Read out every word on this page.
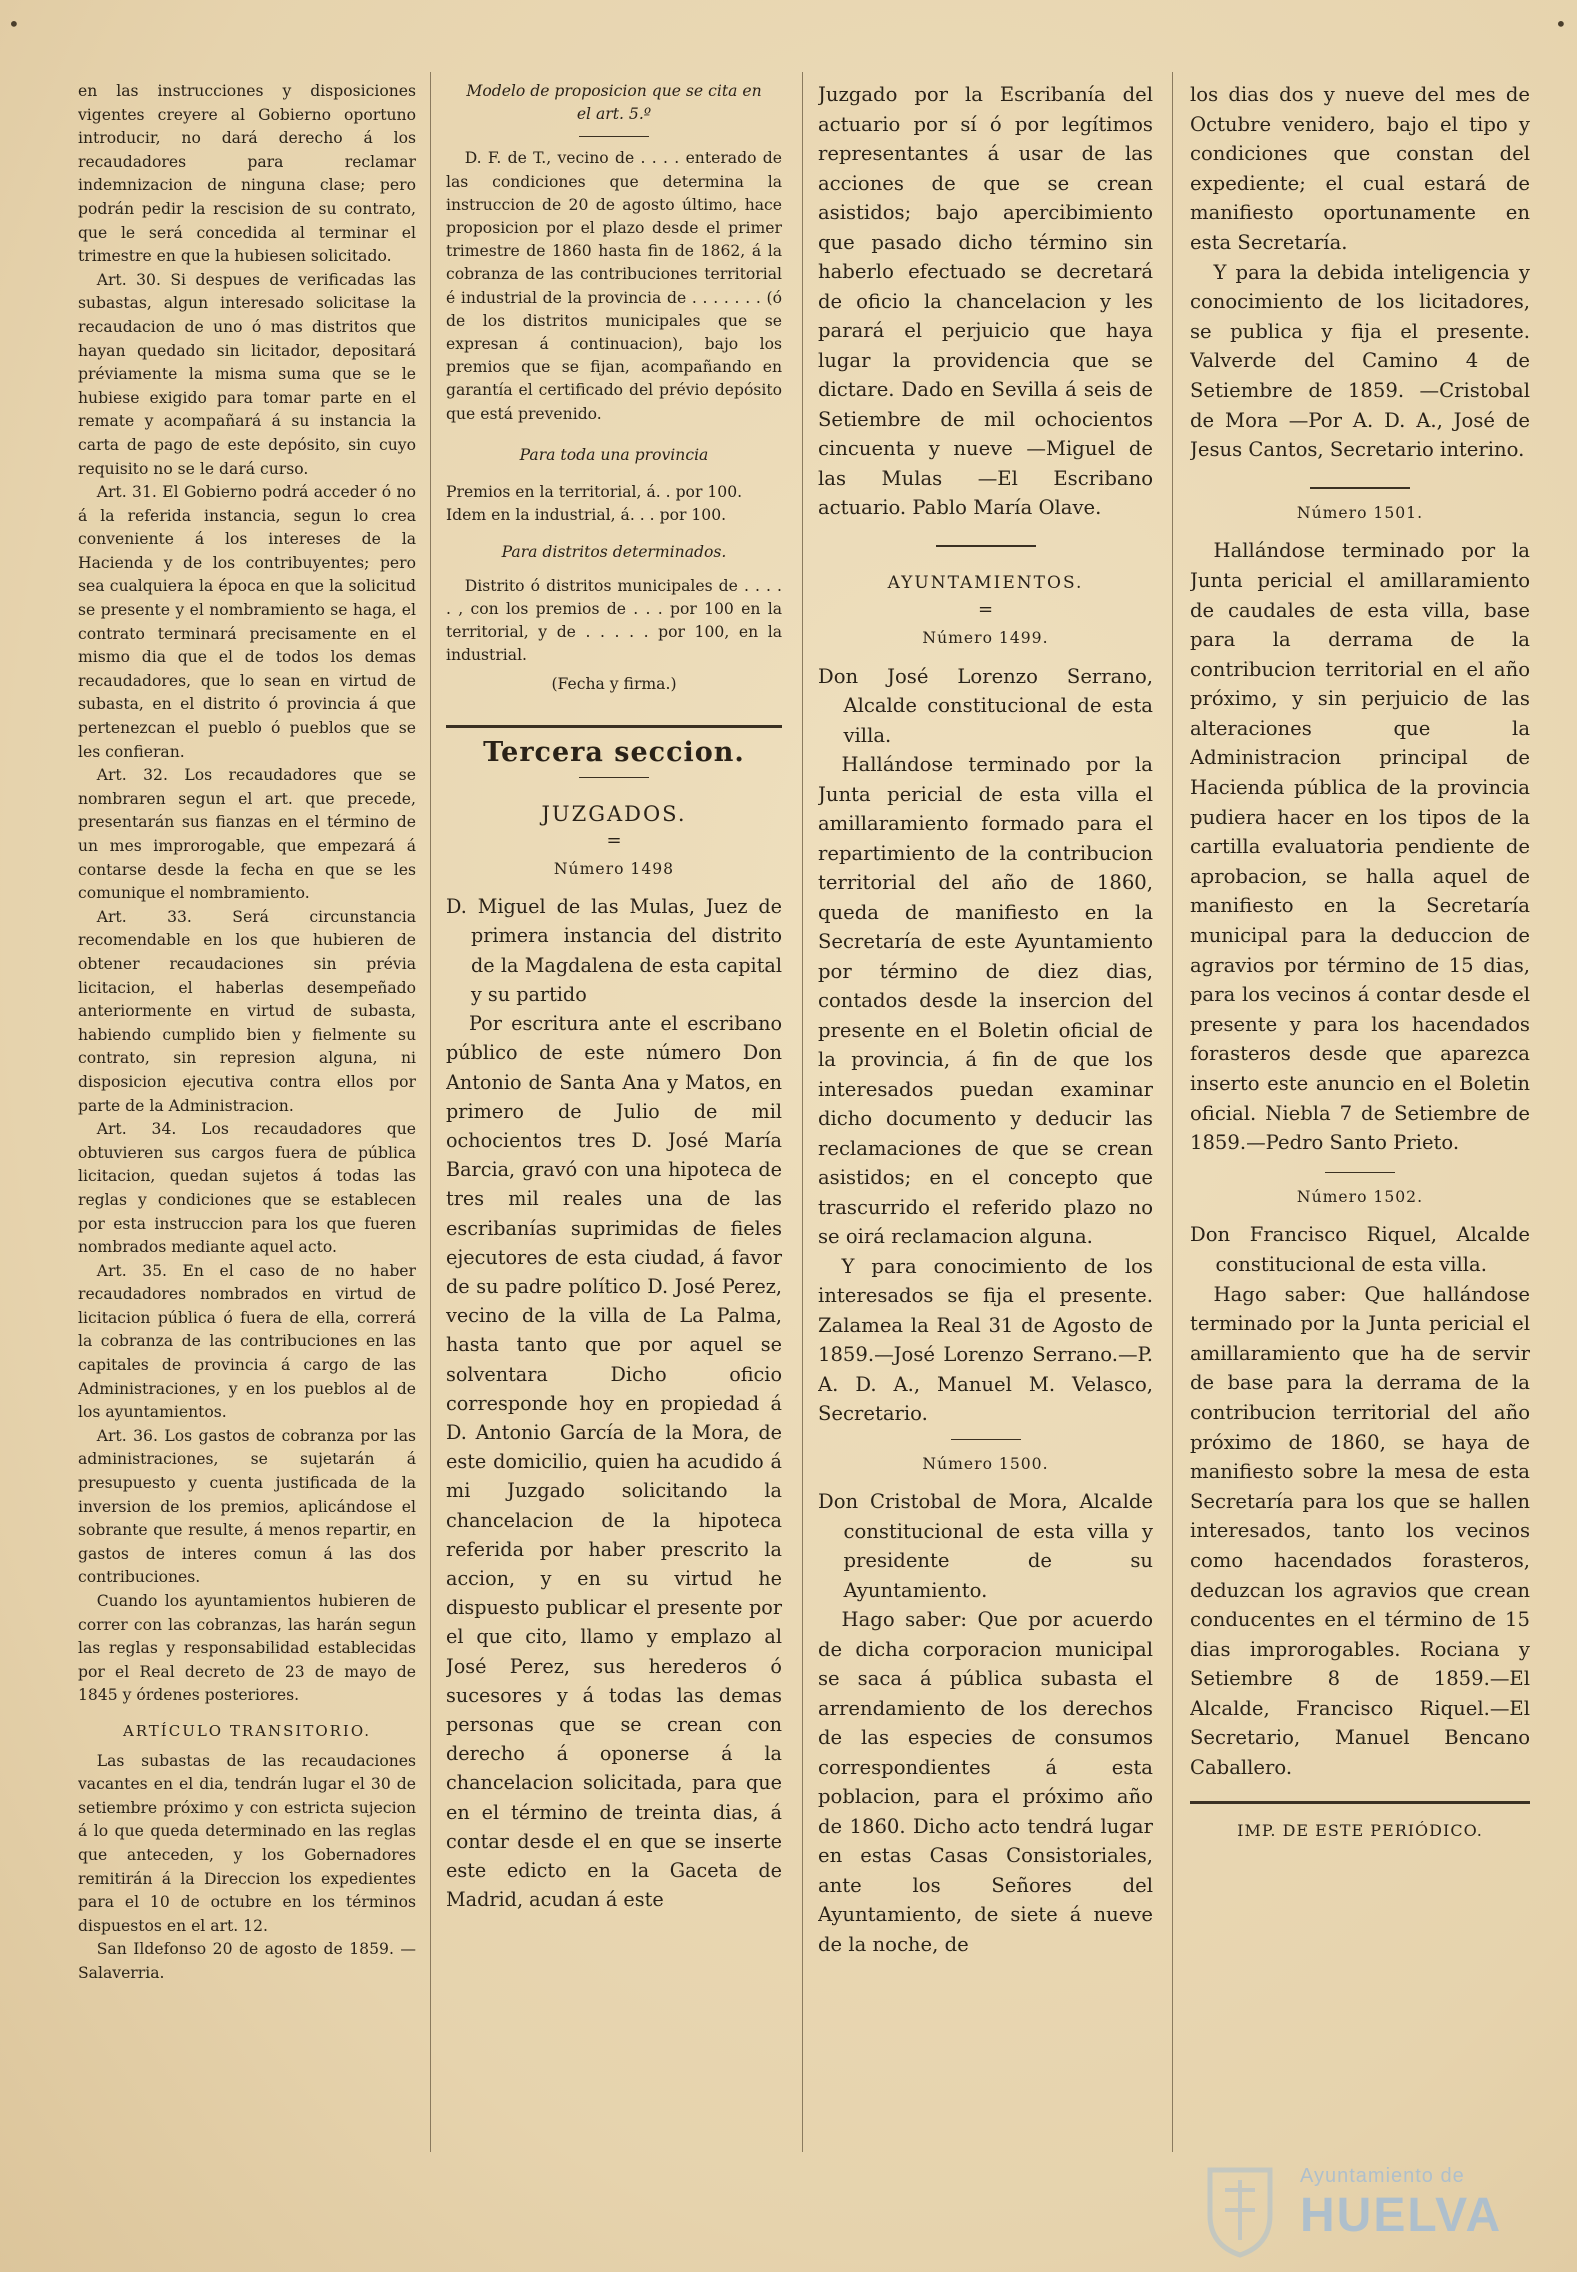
•	•

en las instrucciones y disposiciones vigentes creyere al Gobierno oportuno introducir, no dará derecho á los recaudadores para reclamar indemnizacion de ninguna clase; pero podrán pedir la rescision de su contrato, que le será concedida al terminar el trimestre en que la hubiesen solicitado.

Art. 30. Si despues de verificadas las subastas, algun interesado solicitase la recaudacion de uno ó mas distritos que hayan quedado sin licitador, depositará préviamente la misma suma que se le hubiese exigido para tomar parte en el remate y acompañará á su instancia la carta de pago de este depósito, sin cuyo requisito no se le dará curso.

Art. 31. El Gobierno podrá acceder ó no á la referida instancia, segun lo crea conveniente á los intereses de la Hacienda y de los contribuyentes; pero sea cualquiera la época en que la solicitud se presente y el nombramiento se haga, el contrato terminará precisamente en el mismo dia que el de todos los demas recaudadores, que lo sean en virtud de subasta, en el distrito ó provincia á que pertenezcan el pueblo ó pueblos que se les confieran.

Art. 32. Los recaudadores que se nombraren segun el art. que precede, presentarán sus fianzas en el término de un mes improrogable, que empezará á contarse desde la fecha en que se les comunique el nombramiento.

Art. 33. Será circunstancia recomendable en los que hubieren de obtener recaudaciones sin prévia licitacion, el haberlas desempeñado anteriormente en virtud de subasta, habiendo cumplido bien y fielmente su contrato, sin represion alguna, ni disposicion ejecutiva contra ellos por parte de la Administracion.

Art. 34. Los recaudadores que obtuvieren sus cargos fuera de pública licitacion, quedan sujetos á todas las reglas y condiciones que se establecen por esta instruccion para los que fueren nombrados mediante aquel acto.

Art. 35. En el caso de no haber recaudadores nombrados en virtud de licitacion pública ó fuera de ella, correrá la cobranza de las contribuciones en las capitales de provincia á cargo de las Administraciones, y en los pueblos al de los ayuntamientos.

Art. 36. Los gastos de cobranza por las administraciones, se sujetarán á presupuesto y cuenta justificada de la inversion de los premios, aplicándose el sobrante que resulte, á menos repartir, en gastos de interes comun á las dos contribuciones.

Cuando los ayuntamientos hubieren de correr con las cobranzas, las harán segun las reglas y responsabilidad establecidas por el Real decreto de 23 de mayo de 1845 y órdenes posteriores.

ARTÍCULO TRANSITORIO.

Las subastas de las recaudaciones vacantes en el dia, tendrán lugar el 30 de setiembre próximo y con estricta sujecion á lo que queda determinado en las reglas que anteceden, y los Gobernadores remitirán á la Direccion los expedientes para el 10 de octubre en los términos dispuestos en el art. 12.

San Ildefonso 20 de agosto de 1859. —Salaverria.

Modelo de proposicion que se cita en el art. 5.º

D. F. de T., vecino de . . . . enterado de las condiciones que determina la instruccion de 20 de agosto último, hace proposicion por el plazo desde el primer trimestre de 1860 hasta fin de 1862, á la cobranza de las contribuciones territorial é industrial de la provincia de . . . . . . . (ó de los distritos municipales que se expresan á continuacion), bajo los premios que se fijan, acompañando en garantía el certificado del prévio depósito que está prevenido.

Para toda una provincia

Premios en la territorial, á. . por 100.

Idem en la industrial, á. . . por 100.

Para distritos determinados.

Distrito ó distritos municipales de . . . . . , con los premios de . . . por 100 en la territorial, y de . . . . . por 100, en la industrial.

(Fecha y firma.)
Tercera seccion.
JUZGADOS.
=
Número 1498

D. Miguel de las Mulas, Juez de primera instancia del distrito de la Magdalena de esta capital y su partido

Por escritura ante el escribano público de este número Don Antonio de Santa Ana y Matos, en primero de Julio de mil ochocientos tres D. José María Barcia, gravó con una hipoteca de tres mil reales una de las escribanías suprimidas de fieles ejecutores de esta ciudad, á favor de su padre político D. José Perez, vecino de la villa de La Palma, hasta tanto que por aquel se solventara Dicho oficio corresponde hoy en propiedad á D. Antonio García de la Mora, de este domicilio, quien ha acudido á mi Juzgado solicitando la chancelacion de la hipoteca referida por haber prescrito la accion, y en su virtud he dispuesto publicar el presente por el que cito, llamo y emplazo al José Perez, sus herederos ó sucesores y á todas las demas personas que se crean con derecho á oponerse á la chancelacion solicitada, para que en el término de treinta dias, á contar desde el en que se inserte este edicto en la Gaceta de Madrid, acudan á este

Juzgado por la Escribanía del actuario por sí ó por legítimos representantes á usar de las acciones de que se crean asistidos; bajo apercibimiento que pasado dicho término sin haberlo efectuado se decretará de oficio la chancelacion y les parará el perjuicio que haya lugar la providencia que se dictare. Dado en Sevilla á seis de Setiembre de mil ochocientos cincuenta y nueve —Miguel de las Mulas —El Escribano actuario. Pablo María Olave.

AYUNTAMIENTOS.
=
Número 1499.

Don José Lorenzo Serrano, Alcalde constitucional de esta villa.

Hallándose terminado por la Junta pericial de esta villa el amillaramiento formado para el repartimiento de la contribucion territorial del año de 1860, queda de manifiesto en la Secretaría de este Ayuntamiento por término de diez dias, contados desde la insercion del presente en el Boletin oficial de la provincia, á fin de que los interesados puedan examinar dicho documento y deducir las reclamaciones de que se crean asistidos; en el concepto que trascurrido el referido plazo no se oirá reclamacion alguna.

Y para conocimiento de los interesados se fija el presente. Zalamea la Real 31 de Agosto de 1859.—José Lorenzo Serrano.—P. A. D. A., Manuel M. Velasco, Secretario.

Número 1500.

Don Cristobal de Mora, Alcalde constitucional de esta villa y presidente de su Ayuntamiento.

Hago saber: Que por acuerdo de dicha corporacion municipal se saca á pública subasta el arrendamiento de los derechos de las especies de consumos correspondientes á esta poblacion, para el próximo año de 1860. Dicho acto tendrá lugar en estas Casas Consistoriales, ante los Señores del Ayuntamiento, de siete á nueve de la noche, de

los dias dos y nueve del mes de Octubre venidero, bajo el tipo y condiciones que constan del expediente; el cual estará de manifiesto oportunamente en esta Secretaría.

Y para la debida inteligencia y conocimiento de los licitadores, se publica y fija el presente. Valverde del Camino 4 de Setiembre de 1859. —Cristobal de Mora —Por A. D. A., José de Jesus Cantos, Secretario interino.

Número 1501.

Hallándose terminado por la Junta pericial el amillaramiento de caudales de esta villa, base para la derrama de la contribucion territorial en el año próximo, y sin perjuicio de las alteraciones que la Administracion principal de Hacienda pública de la provincia pudiera hacer en los tipos de la cartilla evaluatoria pendiente de aprobacion, se halla aquel de manifiesto en la Secretaría municipal para la deduccion de agravios por término de 15 dias, para los vecinos á contar desde el presente y para los hacendados forasteros desde que aparezca inserto este anuncio en el Boletin oficial. Niebla 7 de Setiembre de 1859.—Pedro Santo Prieto.

Número 1502.

Don Francisco Riquel, Alcalde constitucional de esta villa.

Hago saber: Que hallándose terminado por la Junta pericial el amillaramiento que ha de servir de base para la derrama de la contribucion territorial del año próximo de 1860, se haya de manifiesto sobre la mesa de esta Secretaría para los que se hallen interesados, tanto los vecinos como hacendados forasteros, deduzcan los agravios que crean conducentes en el término de 15 dias improrogables. Rociana y Setiembre 8 de 1859.—El Alcalde, Francisco Riquel.—El Secretario, Manuel Bencano Caballero.

IMP. DE ESTE PERIÓDICO.
Ayuntamiento de
HUELVA
